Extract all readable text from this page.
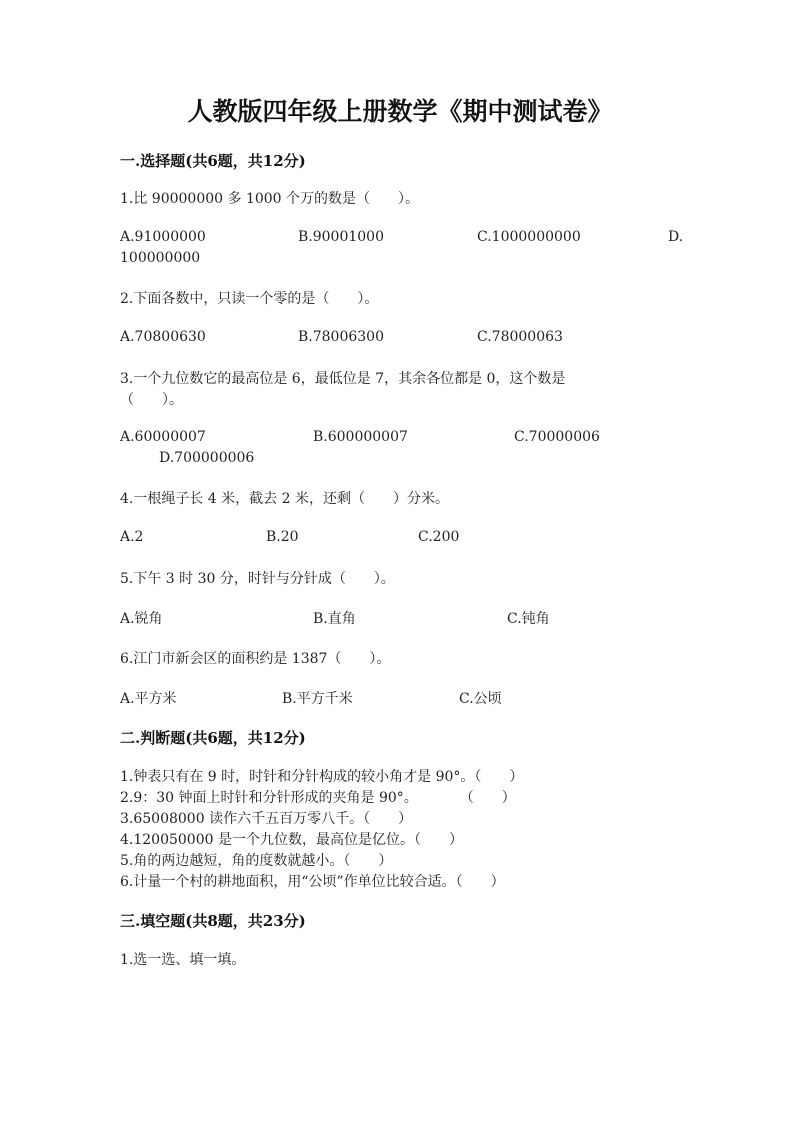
人教版四年级上册数学《期中测试卷》
一.选择题(共6题，共12分)
1.比 90000000 多 1000 个万的数是（　　）。
A.91000000	B.90001000	C.1000000000	D.
100000000
2.下面各数中，只读一个零的是（　　）。
A.70800630	B.78006300	C.78000063
3.一个九位数它的最高位是 6，最低位是 7，其余各位都是 0，这个数是
（　　）。
A.60000007	B.600000007	C.70000006
D.700000006
4.一根绳子长 4 米，截去 2 米，还剩（　　）分米。
A.2	B.20	C.200
5.下午 3 时 30 分，时针与分针成（　　）。
A.锐角	B.直角	C.钝角
6.江门市新会区的面积约是 1387（　　）。
A.平方米	B.平方千米	C.公顷
二.判断题(共6题，共12分)
1.钟表只有在 9 时，时针和分针构成的较小角才是 90°。（　　）
2.9：30 钟面上时针和分针形成的夹角是 90°。　　　　（　　）
3.65008000 读作六千五百万零八千。（　　）
4.120050000 是一个九位数，最高位是亿位。（　　）
5.角的两边越短，角的度数就越小。（　　）
6.计量一个村的耕地面积，用“公顷”作单位比较合适。（　　）
三.填空题(共8题，共23分)
1.选一选、填一填。
